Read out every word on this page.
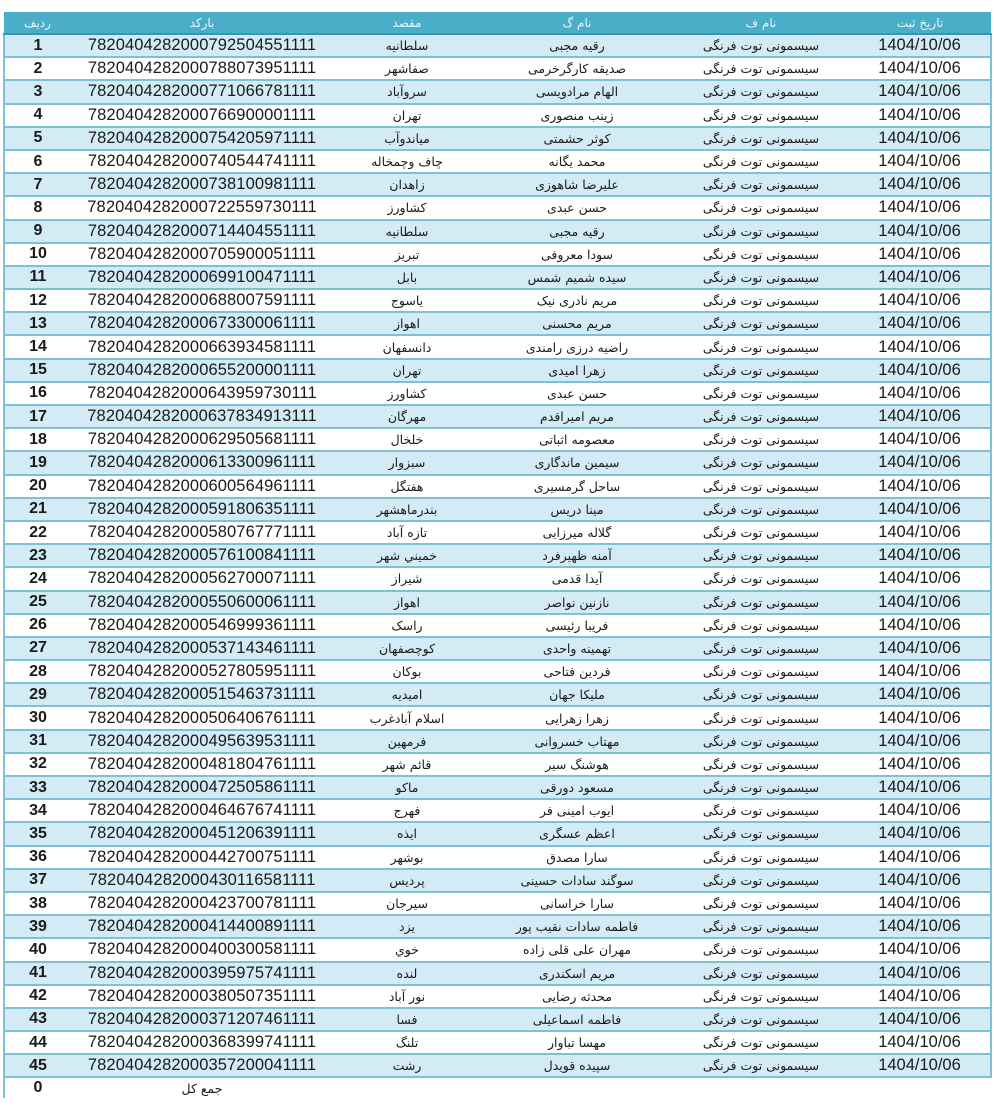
ردیف	بارکد	مقصد	نام گ	نام ف	تاریخ ثبت
1	7820404282000792504551111	سلطانیه	رقیه مجبی	سیسمونی توت فرنگی	1404/10/06
2	7820404282000788073951111	صفاشهر	صدیقه کارگرخرمی	سیسمونی توت فرنگی	1404/10/06
3	7820404282000771066781111	سروآباد	الهام مرادویسی	سیسمونی توت فرنگی	1404/10/06
4	7820404282000766900001111	تهران	زینب منصوری	سیسمونی توت فرنگی	1404/10/06
5	7820404282000754205971111	میاندوآب	کوثر حشمتی	سیسمونی توت فرنگی	1404/10/06
6	7820404282000740544741111	چاف وچمخاله	محمد یگانه	سیسمونی توت فرنگی	1404/10/06
7	7820404282000738100981111	زاهدان	علیرضا شاهوزی	سیسمونی توت فرنگی	1404/10/06
8	7820404282000722559730111	کشاورز	حسن عبدی	سیسمونی توت فرنگی	1404/10/06
9	7820404282000714404551111	سلطانیه	رقیه مجبی	سیسمونی توت فرنگی	1404/10/06
10	7820404282000705900051111	تبریز	سودا معروفی	سیسمونی توت فرنگی	1404/10/06
11	7820404282000699100471111	بابل	سیده شمیم شمس	سیسمونی توت فرنگی	1404/10/06
12	7820404282000688007591111	یاسوج	مریم نادری نیک	سیسمونی توت فرنگی	1404/10/06
13	7820404282000673300061111	اهواز	مریم محسنی	سیسمونی توت فرنگی	1404/10/06
14	7820404282000663934581111	دانسفهان	راضیه درزی رامندی	سیسمونی توت فرنگی	1404/10/06
15	7820404282000655200001111	تهران	زهرا امیدی	سیسمونی توت فرنگی	1404/10/06
16	7820404282000643959730111	کشاورز	حسن عبدی	سیسمونی توت فرنگی	1404/10/06
17	7820404282000637834913111	مهرگان	مریم امیراقدم	سیسمونی توت فرنگی	1404/10/06
18	7820404282000629505681111	خلخال	معصومه اثباتی	سیسمونی توت فرنگی	1404/10/06
19	7820404282000613300961111	سبزوار	سیمین ماندگاری	سیسمونی توت فرنگی	1404/10/06
20	7820404282000600564961111	هفتگل	ساحل گرمسیری	سیسمونی توت فرنگی	1404/10/06
21	7820404282000591806351111	بندرماهشهر	مینا دریس	سیسمونی توت فرنگی	1404/10/06
22	7820404282000580767771111	تازه آباد	گلاله میرزایی	سیسمونی توت فرنگی	1404/10/06
23	7820404282000576100841111	خميني شهر	آمنه ظهیرفرد	سیسمونی توت فرنگی	1404/10/06
24	7820404282000562700071111	شیراز	آیدا قدمی	سیسمونی توت فرنگی	1404/10/06
25	7820404282000550600061111	اهواز	نازنین نواصر	سیسمونی توت فرنگی	1404/10/06
26	7820404282000546999361111	راسک	فریبا رئیسی	سیسمونی توت فرنگی	1404/10/06
27	7820404282000537143461111	کوچصفهان	تهمینه واحدی	سیسمونی توت فرنگی	1404/10/06
28	7820404282000527805951111	بوکان	فردین فتاحی	سیسمونی توت فرنگی	1404/10/06
29	7820404282000515463731111	امیدیه	ملیکا جهان	سیسمونی توت فرنگی	1404/10/06
30	7820404282000506406761111	اسلام آبادغرب	زهرا زهرایی	سیسمونی توت فرنگی	1404/10/06
31	7820404282000495639531111	فرمهین	مهتاب خسروانی	سیسمونی توت فرنگی	1404/10/06
32	7820404282000481804761111	قائم شهر	هوشنگ سیر	سیسمونی توت فرنگی	1404/10/06
33	7820404282000472505861111	ماکو	مسعود دورقی	سیسمونی توت فرنگی	1404/10/06
34	7820404282000464676741111	فهرج	ایوب امینی فر	سیسمونی توت فرنگی	1404/10/06
35	7820404282000451206391111	ایذه	اعظم عسگری	سیسمونی توت فرنگی	1404/10/06
36	7820404282000442700751111	بوشهر	سارا مصدق	سیسمونی توت فرنگی	1404/10/06
37	7820404282000430116581111	پردیس	سوگند سادات حسینی	سیسمونی توت فرنگی	1404/10/06
38	7820404282000423700781111	سیرجان	سارا خراسانی	سیسمونی توت فرنگی	1404/10/06
39	7820404282000414400891111	یزد	فاطمه سادات نقیب پور	سیسمونی توت فرنگی	1404/10/06
40	7820404282000400300581111	خوي	مهران علی قلی زاده	سیسمونی توت فرنگی	1404/10/06
41	7820404282000395975741111	لنده	مریم اسکندری	سیسمونی توت فرنگی	1404/10/06
42	7820404282000380507351111	نور آباد	محدثه رضایی	سیسمونی توت فرنگی	1404/10/06
43	7820404282000371207461111	فسا	فاطمه اسماعیلی	سیسمونی توت فرنگی	1404/10/06
44	7820404282000368399741111	تلنگ	مهسا تباوار	سیسمونی توت فرنگی	1404/10/06
45	7820404282000357200041111	رشت	سپیده قویدل	سیسمونی توت فرنگی	1404/10/06
0	جمع کل				
